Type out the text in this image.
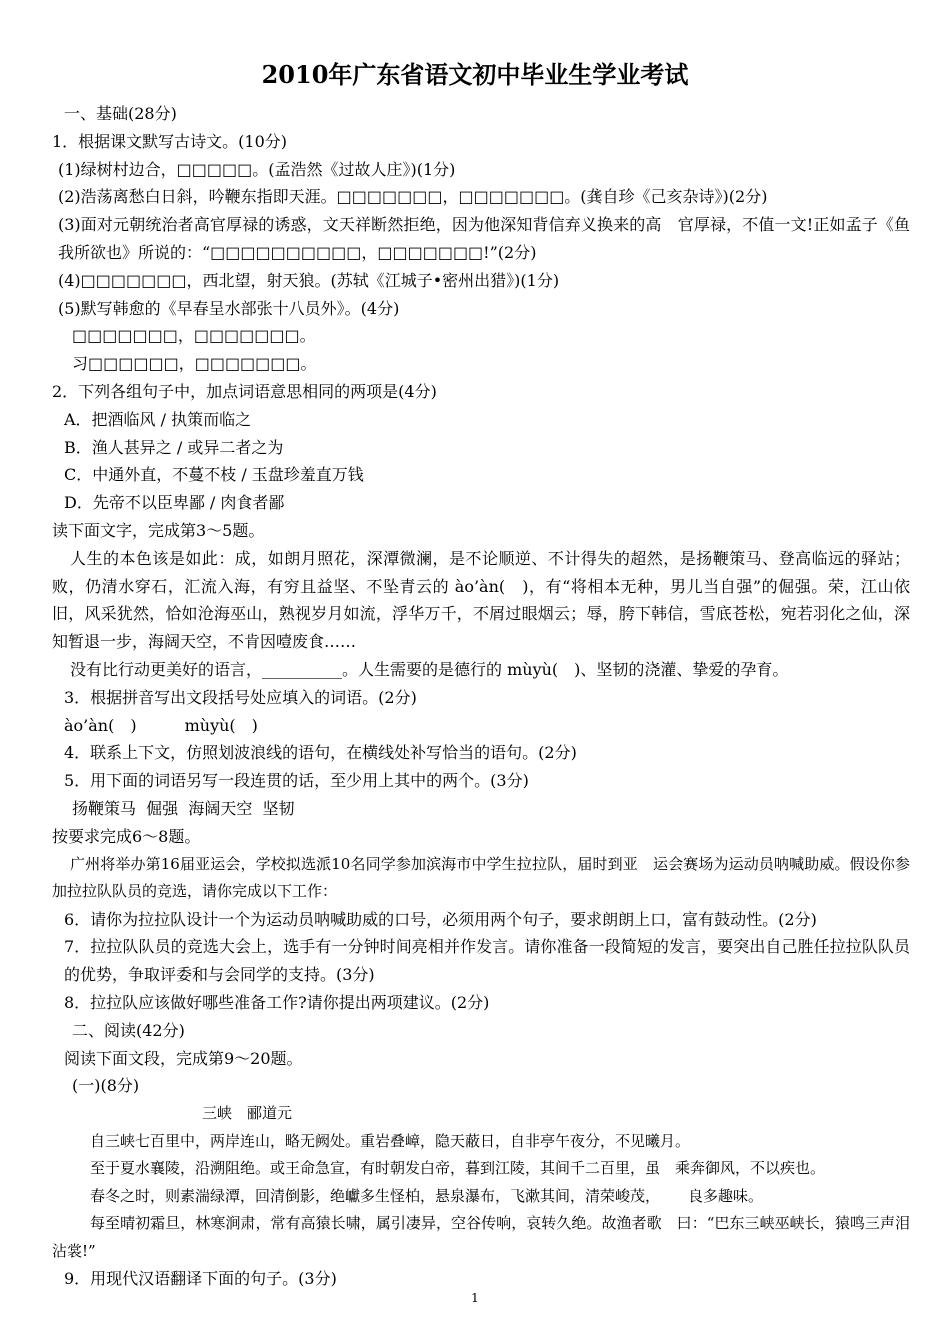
2010年广东省语文初中毕业生学业考试
一、基础(28分)
1．根据课文默写古诗文。(10分)
(1)绿树村边合，□□□□□。(孟浩然《过故人庄》)(1分)
(2)浩荡离愁白日斜，吟鞭东指即天涯。□□□□□□□，□□□□□□□。(龚自珍《己亥杂诗》)(2分)
(3)面对元朝统治者高官厚禄的诱惑，文天祥断然拒绝，因为他深知背信弃义换来的高　官厚禄，不值一文!正如孟子《鱼我所欲也》所说的：“□□□□□□□□□□，□□□□□□□!”(2分)
(4)□□□□□□□，西北望，射天狼。(苏轼《江城子•密州出猎》)(1分)
(5)默写韩愈的《早春呈水部张十八员外》。(4分)
□□□□□□□，□□□□□□□。
习□□□□□□，□□□□□□□。
2．下列各组句子中，加点词语意思相同的两项是(4分)
A．把酒临风 / 执策而临之
B．渔人甚异之 / 或异二者之为
C．中通外直，不蔓不枝 / 玉盘珍羞直万钱
D．先帝不以臣卑鄙 / 肉食者鄙
读下面文字，完成第3～5题。
人生的本色该是如此：成，如朗月照花，深潭微澜，是不论顺逆、不计得失的超然，是扬鞭策马、登高临远的驿站；败，仍清水穿石，汇流入海，有穷且益坚、不坠青云的 ào’àn(　)，有“将相本无种，男儿当自强”的倔强。荣，江山依旧，风采犹然，恰如沧海巫山，熟视岁月如流，浮华万千，不屑过眼烟云；辱，胯下韩信，雪底苍松，宛若羽化之仙，深知暂退一步，海阔天空，不肯因噎废食……
没有比行动更美好的语言，__________。人生需要的是德行的 mùyù(　)、坚韧的浇灌、挚爱的孕育。
3．根据拼音写出文段括号处应填入的词语。(2分)
ào’àn(　)　　　mùyù(　)
4．联系上下文，仿照划波浪线的语句，在横线处补写恰当的语句。(2分)
5．用下面的词语另写一段连贯的话，至少用上其中的两个。(3分)
扬鞭策马  倔强  海阔天空  坚韧
按要求完成6～8题。
广州将举办第16届亚运会，学校拟选派10名同学参加滨海市中学生拉拉队，届时到亚　运会赛场为运动员呐喊助威。假设你参加拉拉队队员的竞选，请你完成以下工作：
6．请你为拉拉队设计一个为运动员呐喊助威的口号，必须用两个句子，要求朗朗上口，富有鼓动性。(2分)
7．拉拉队队员的竞选大会上，选手有一分钟时间亮相并作发言。请你准备一段简短的发言，要突出自己胜任拉拉队队员的优势，争取评委和与会同学的支持。(3分)
8．拉拉队应该做好哪些准备工作?请你提出两项建议。(2分)
二、阅读(42分)
阅读下面文段，完成第9～20题。
(一)(8分)
三峡　郦道元
自三峡七百里中，两岸连山，略无阙处。重岩叠嶂，隐天蔽日，自非亭午夜分，不见曦月。
至于夏水襄陵，沿溯阻绝。或王命急宣，有时朝发白帝，暮到江陵，其间千二百里，虽　乘奔御风，不以疾也。
春冬之时，则素湍绿潭，回清倒影，绝巘多生怪柏，悬泉瀑布，飞漱其间，清荣峻茂， 良多趣味。
每至晴初霜旦，林寒涧肃，常有高猿长啸，属引凄异，空谷传响，哀转久绝。故渔者歌　曰：“巴东三峡巫峡长，猿鸣三声泪沾裳!”
9．用现代汉语翻译下面的句子。(3分)
1
